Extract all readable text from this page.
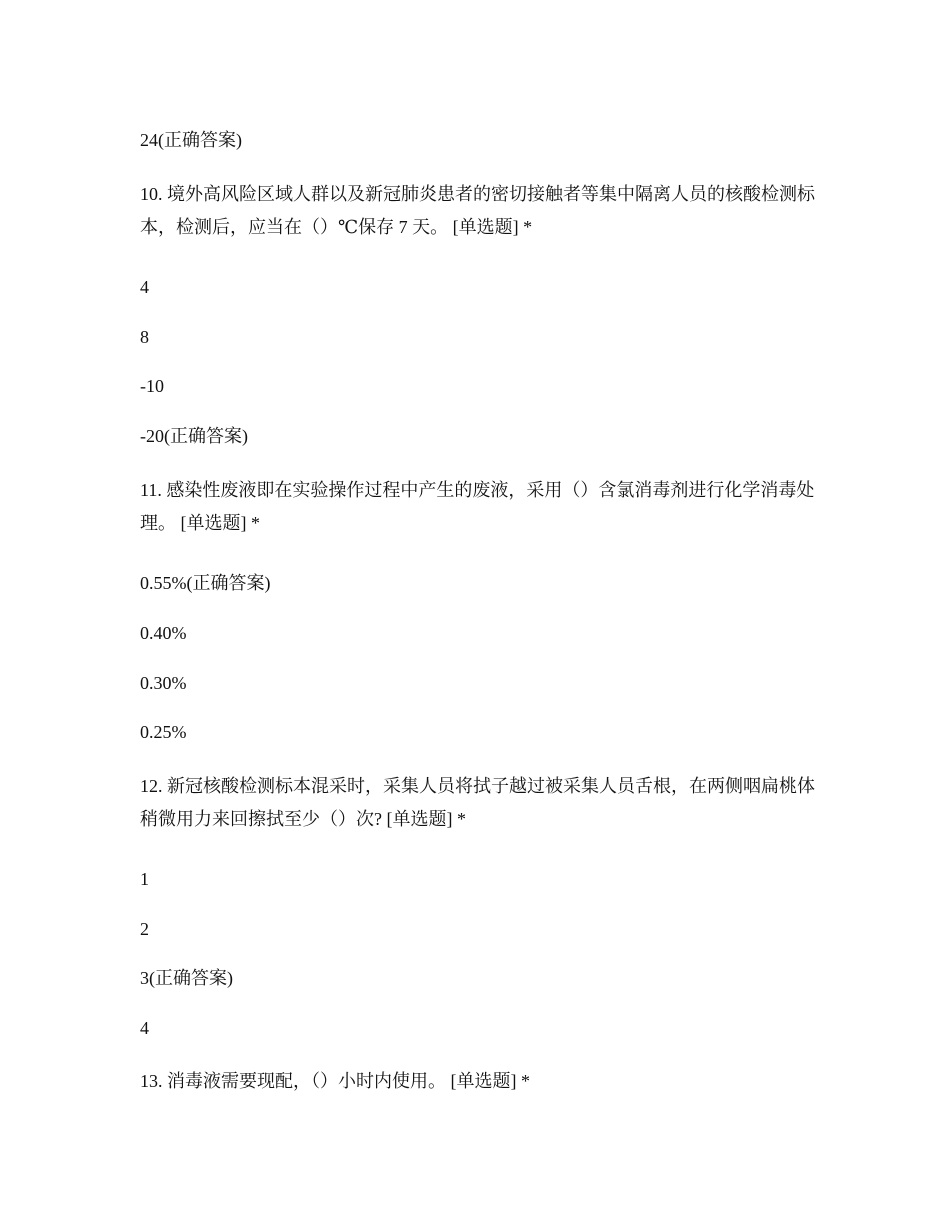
24(正确答案)
10. 境外高风险区域人群以及新冠肺炎患者的密切接触者等集中隔离人员的核酸检测标本，检测后，应当在（）℃保存 7 天。 [单选题] *
4
8
-10
-20(正确答案)
11. 感染性废液即在实验操作过程中产生的废液，采用（）含氯消毒剂进行化学消毒处理。 [单选题] *
0.55%(正确答案)
0.40%
0.30%
0.25%
12. 新冠核酸检测标本混采时，采集人员将拭子越过被采集人员舌根，在两侧咽扁桃体稍微用力来回擦拭至少（）次? [单选题] *
1
2
3(正确答案)
4
13. 消毒液需要现配，（）小时内使用。 [单选题] *
